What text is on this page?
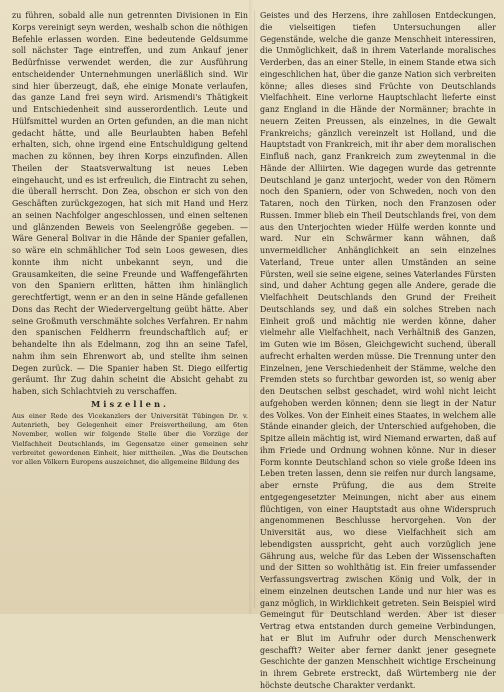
zu führen, sobald alle nun getrennten Divisionen in Ein Korps vereinigt seyn werden, weshalb schon die nöthigen Befehle erlassen worden. Eine bedeutende Geldsumme soll nächster Tage eintreffen, und zum Ankauf jener Bedürfnisse verwendet werden, die zur Ausführung entscheidender Unternehmungen unerläßlich sind. Wir sind hier überzeugt, daß, ehe einige Monate verlaufen, das ganze Land frei seyn wird. Arismendi's Thätigkeit und Entschiedenheit sind ausserordentlich. Leute und Hülfsmittel wurden an Orten gefunden, an die man nicht gedacht hätte, und alle Beurlaubten haben Befehl erhalten, sich, ohne irgend eine Entschuldigung geltend machen zu können, bey ihren Korps einzufinden. Allen Theilen der Staatsverwaltung ist neues Leben eingehaucht, und es ist erfreulich, die Eintracht zu sehen, die überall herrscht. Don Zea, obschon er sich von den Geschäften zurückgezogen, hat sich mit Hand und Herz an seinen Nachfolger angeschlossen, und einen seltenen und glänzenden Beweis von Seelengröße gegeben. — Wäre General Bolivar in die Hände der Spanier gefallen, so wäre ein schmählicher Tod sein Loos gewesen, dies konnte ihm nicht unbekannt seyn, und die Grausamkeiten, die seine Freunde und Waffengefährten von den Spaniern erlitten, hätten ihm hinlänglich gerechtfertigt, wenn er an den in seine Hände gefallenen Dons das Recht der Wiedervergeltung geübt hätte. Aber seine Großmuth verschmähte solches Verfahren. Er nahm den spanischen Feldherrn freundschaftlich auf; er behandelte ihn als Edelmann, zog ihn an seine Tafel, nahm ihm sein Ehrenwort ab, und stellte ihm seinen Degen zurück. — Die Spanier haben St. Diego eilfertig geräumt. Ihr Zug dahin scheint die Absicht gehabt zu haben, sich Schlachtvieh zu verschaffen.

Miszellen.

Aus einer Rede des Vicekanzlers der Universität Tübingen Dr. v. Autenrieth, bey Gelegenheit einer Preisvertheilung, am 6ten November, wollen wir folgende Stelle über die Vorzüge der Vielfachheit Deutschlands, im Gegensatze einer gemeinen sehr verbreitet gewordenen Einheit, hier mittheilen. „Was die Deutschen vor allen Völkern Europens auszeichnet, die allgemeine Bildung des

Geistes und des Herzens, ihre zahllosen Entdeckungen, die vielseitigen tiefen Untersuchungen aller Gegenstände, welche die ganze Menschheit interessiren, die Unmöglichkeit, daß in ihrem Vaterlande moralisches Verderben, das an einer Stelle, in einem Stande etwa sich eingeschlichen hat, über die ganze Nation sich verbreiten könne; alles dieses sind Früchte von Deutschlands Vielfachheit. Eine verlorne Hauptschlacht lieferte einst ganz England in die Hände der Normänner; brachte in neuern Zeiten Preussen, als einzelnes, in die Gewalt Frankreichs; gänzlich vereinzelt ist Holland, und die Hauptstadt von Frankreich, mit ihr aber dem moralischen Einfluß nach, ganz Frankreich zum zweytenmal in die Hände der Alliirten. Wie dagegen wurde das getrennte Deutschland je ganz unterjocht, weder von den Römern noch den Spaniern, oder von Schweden, noch von den Tataren, noch den Türken, noch den Franzosen oder Russen. Immer blieb ein Theil Deutschlands frei, von dem aus den Unterjochten wieder Hülfe werden konnte und ward. Nur ein Schwärmer kann wähnen, daß unvermeidlicher Anhänglichkeit an sein einzelnes Vaterland, Treue unter allen Umständen an seine Fürsten, weil sie seine eigene, seines Vaterlandes Fürsten sind, und daher Achtung gegen alle Andere, gerade die Vielfachheit Deutschlands den Grund der Freiheit Deutschlands sey, und daß ein solches Streben nach Einheit groß und mächtig nie werden könne, daher vielmehr alle Vielfachheit, nach Verhältniß des Ganzen, im Guten wie im Bösen, Gleichgewicht suchend, überall aufrecht erhalten werden müsse. Die Trennung unter den Einzelnen, jene Verschiedenheit der Stämme, welche den Fremden stets so furchtbar geworden ist, so wenig aber den Deutschen selbst geschadet, wird wohl nicht leicht aufgehoben werden können; denn sie liegt in der Natur des Volkes. Von der Einheit eines Staates, in welchem alle Stände einander gleich, der Unterschied aufgehoben, die Spitze allein mächtig ist, wird Niemand erwarten, daß auf ihm Friede und Ordnung wohnen könne. Nur in dieser Form konnte Deutschland schon so viele große Ideen ins Leben treten lassen, denn sie reifen nur durch langsame, aber ernste Prüfung, die aus dem Streite entgegengesetzter Meinungen, nicht aber aus einem flüchtigen, von einer Hauptstadt aus ohne Widerspruch angenommenen Beschlusse hervorgehen. Von der Universität aus, wo diese Vielfachheit sich am lebendigsten ausspricht, geht auch vorzüglich jene Gährung aus, welche für das Leben der Wissenschaften und der Sitten so wohlthätig ist. Ein freier umfassender Verfassungsvertrag zwischen König und Volk, der in einem einzelnen deutschen Lande und nur hier was es ganz möglich, in Wirklichkeit getreten. Sein Beispiel wird Gemeingut für Deutschland werden. Aber ist dieser Vertrag etwa entstanden durch gemeine Verbindungen, hat er Blut im Aufruhr oder durch Menschenwerk geschafft? Weiter aber ferner dankt jener gesegnete Geschichte der ganzen Menschheit wichtige Erscheinung in ihrem Gebrete erstreckt, daß Würtemberg nie der höchste deutsche Charakter verdankt.
